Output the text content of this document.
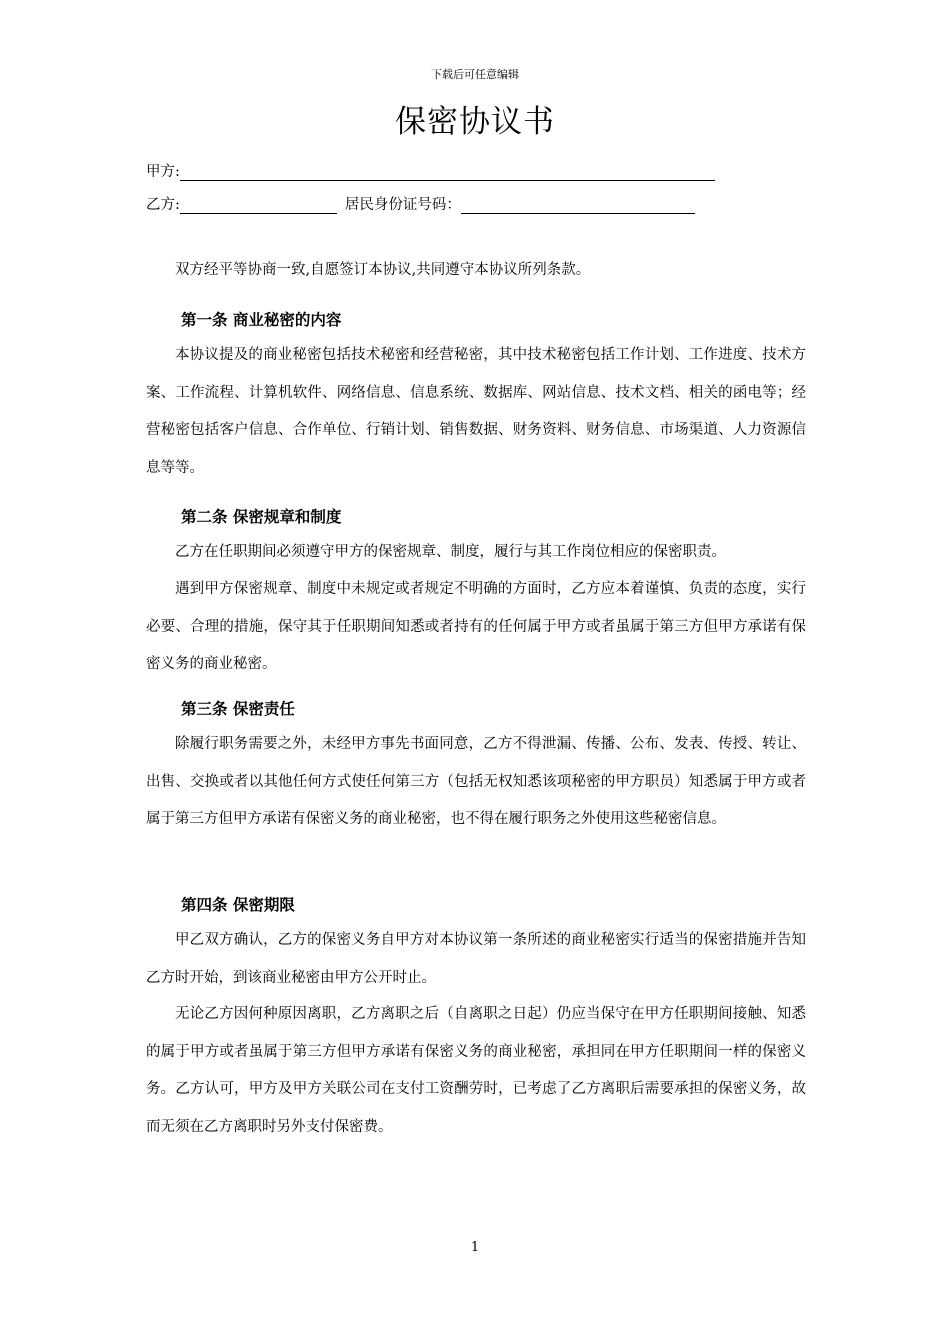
下载后可任意编辑
保密协议书
甲方:
乙方:	居民身份证号码：

双方经平等协商一致,自愿签订本协议,共同遵守本协议所列条款。

第一条 商业秘密的内容

本协议提及的商业秘密包括技术秘密和经营秘密，其中技术秘密包括工作计划、工作进度、技术方案、工作流程、计算机软件、网络信息、信息系统、数据库、网站信息、技术文档、相关的函电等；经营秘密包括客户信息、合作单位、行销计划、销售数据、财务资料、财务信息、市场渠道、人力资源信息等等。

第二条 保密规章和制度

乙方在任职期间必须遵守甲方的保密规章、制度，履行与其工作岗位相应的保密职责。

遇到甲方保密规章、制度中未规定或者规定不明确的方面时，乙方应本着谨慎、负责的态度，实行必要、合理的措施，保守其于任职期间知悉或者持有的任何属于甲方或者虽属于第三方但甲方承诺有保密义务的商业秘密。

第三条 保密责任

除履行职务需要之外，未经甲方事先书面同意，乙方不得泄漏、传播、公布、发表、传授、转让、出售、交换或者以其他任何方式使任何第三方（包括无权知悉该项秘密的甲方职员）知悉属于甲方或者属于第三方但甲方承诺有保密义务的商业秘密，也不得在履行职务之外使用这些秘密信息。

第四条 保密期限

甲乙双方确认，乙方的保密义务自甲方对本协议第一条所述的商业秘密实行适当的保密措施并告知乙方时开始，到该商业秘密由甲方公开时止。

无论乙方因何种原因离职，乙方离职之后（自离职之日起）仍应当保守在甲方任职期间接触、知悉的属于甲方或者虽属于第三方但甲方承诺有保密义务的商业秘密，承担同在甲方任职期间一样的保密义务。乙方认可，甲方及甲方关联公司在支付工资酬劳时，已考虑了乙方离职后需要承担的保密义务，故而无须在乙方离职时另外支付保密费。

1
